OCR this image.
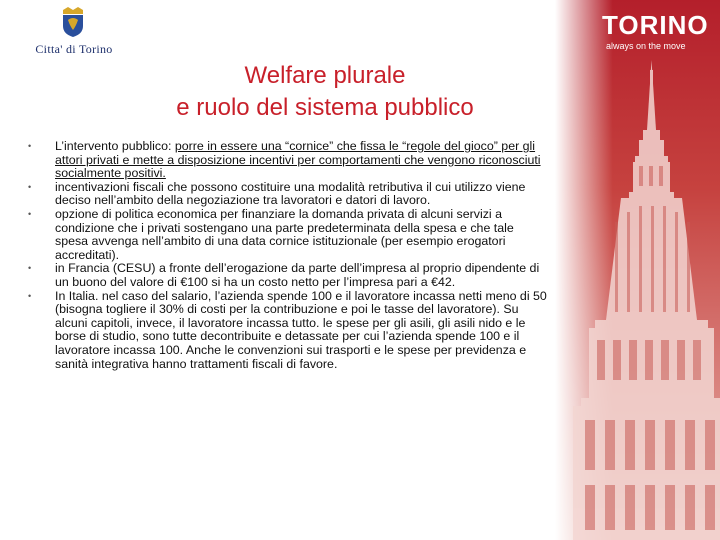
Citta' di Torino
TORINO
always on the move
Welfare plurale
e ruolo del sistema pubblico
• L’intervento pubblico: porre in essere una “cornice” che fissa le “regole del gioco” per gli attori privati e mette a disposizione incentivi per comportamenti che vengono riconosciuti socialmente positivi.
• incentivazioni fiscali che possono costituire una modalità retributiva il cui utilizzo viene deciso nell’ambito della negoziazione tra lavoratori e datori di lavoro.
• opzione di politica economica per finanziare la domanda privata di alcuni servizi a condizione che i privati sostengano una parte predeterminata della spesa e che tale spesa avvenga nell’ambito di una data cornice istituzionale (per esempio erogatori accreditati).
• in Francia (CESU) a fronte dell’erogazione da parte dell’impresa al proprio dipendente di un buono del valore di €100 si ha un costo netto per l’impresa pari a €42.
• In Italia. nel caso del salario, l’azienda spende 100 e il lavoratore incassa netti meno di 50 (bisogna togliere il 30% di costi per la contribuzione e poi le tasse del lavoratore). Su alcuni capitoli, invece, il lavoratore incassa tutto. le spese per gli asili, gli asili nido e le borse di studio, sono tutte decontribuite e detassate per cui l’azienda spende 100 e il lavoratore incassa 100. Anche le convenzioni sui trasporti e le spese per previdenza e sanità integrativa hanno trattamenti fiscali di favore.
